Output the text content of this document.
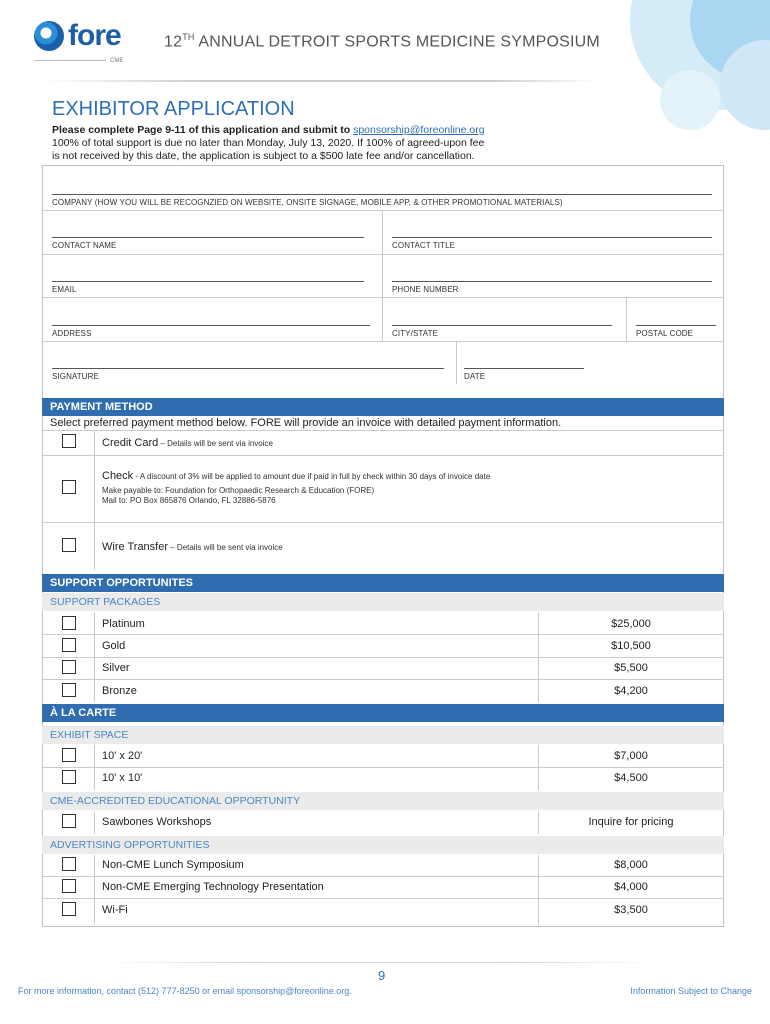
fore
CME
12TH ANNUAL DETROIT SPORTS MEDICINE SYMPOSIUM
EXHIBITOR APPLICATION
Please complete Page 9-11 of this application and submit to sponsorship@foreonline.org
100% of total support is due no later than Monday, July 13, 2020. If 100% of agreed-upon fee
is not received by this date, the application is subject to a $500 late fee and/or cancellation.
COMPANY (HOW YOU WILL BE RECOGNZIED ON WEBSITE, ONSITE SIGNAGE, MOBILE APP, & OTHER PROMOTIONAL MATERIALS)
CONTACT NAME	CONTACT TITLE
EMAIL	PHONE NUMBER
ADDRESS	CITY/STATE	POSTAL CODE
SIGNATURE	DATE
PAYMENT METHOD
Select preferred payment method below. FORE will provide an invoice with detailed payment information.
Credit Card – Details will be sent via invoice
Check - A discount of 3% will be applied to amount due if paid in full by check within 30 days of invoice date
Make payable to: Foundation for Orthopaedic Research & Education (FORE)
Mail to: PO Box 865876 Orlando, FL 32886-5876
Wire Transfer – Details will be sent via invoice
SUPPORT OPPORTUNITES
SUPPORT PACKAGES
Platinum	$25,000
Gold	$10,500
Silver	$5,500
Bronze	$4,200
À LA CARTE
EXHIBIT SPACE
10' x 20'	$7,000
10' x 10'	$4,500
CME-ACCREDITED EDUCATIONAL OPPORTUNITY
Sawbones Workshops	Inquire for pricing
ADVERTISING OPPORTUNITIES
Non-CME Lunch Symposium	$8,000
Non-CME Emerging Technology Presentation	$4,000
Wi-Fi	$3,500
9
For more information, contact (512) 777-8250 or email sponsorship@foreonline.org.	Information Subject to Change
